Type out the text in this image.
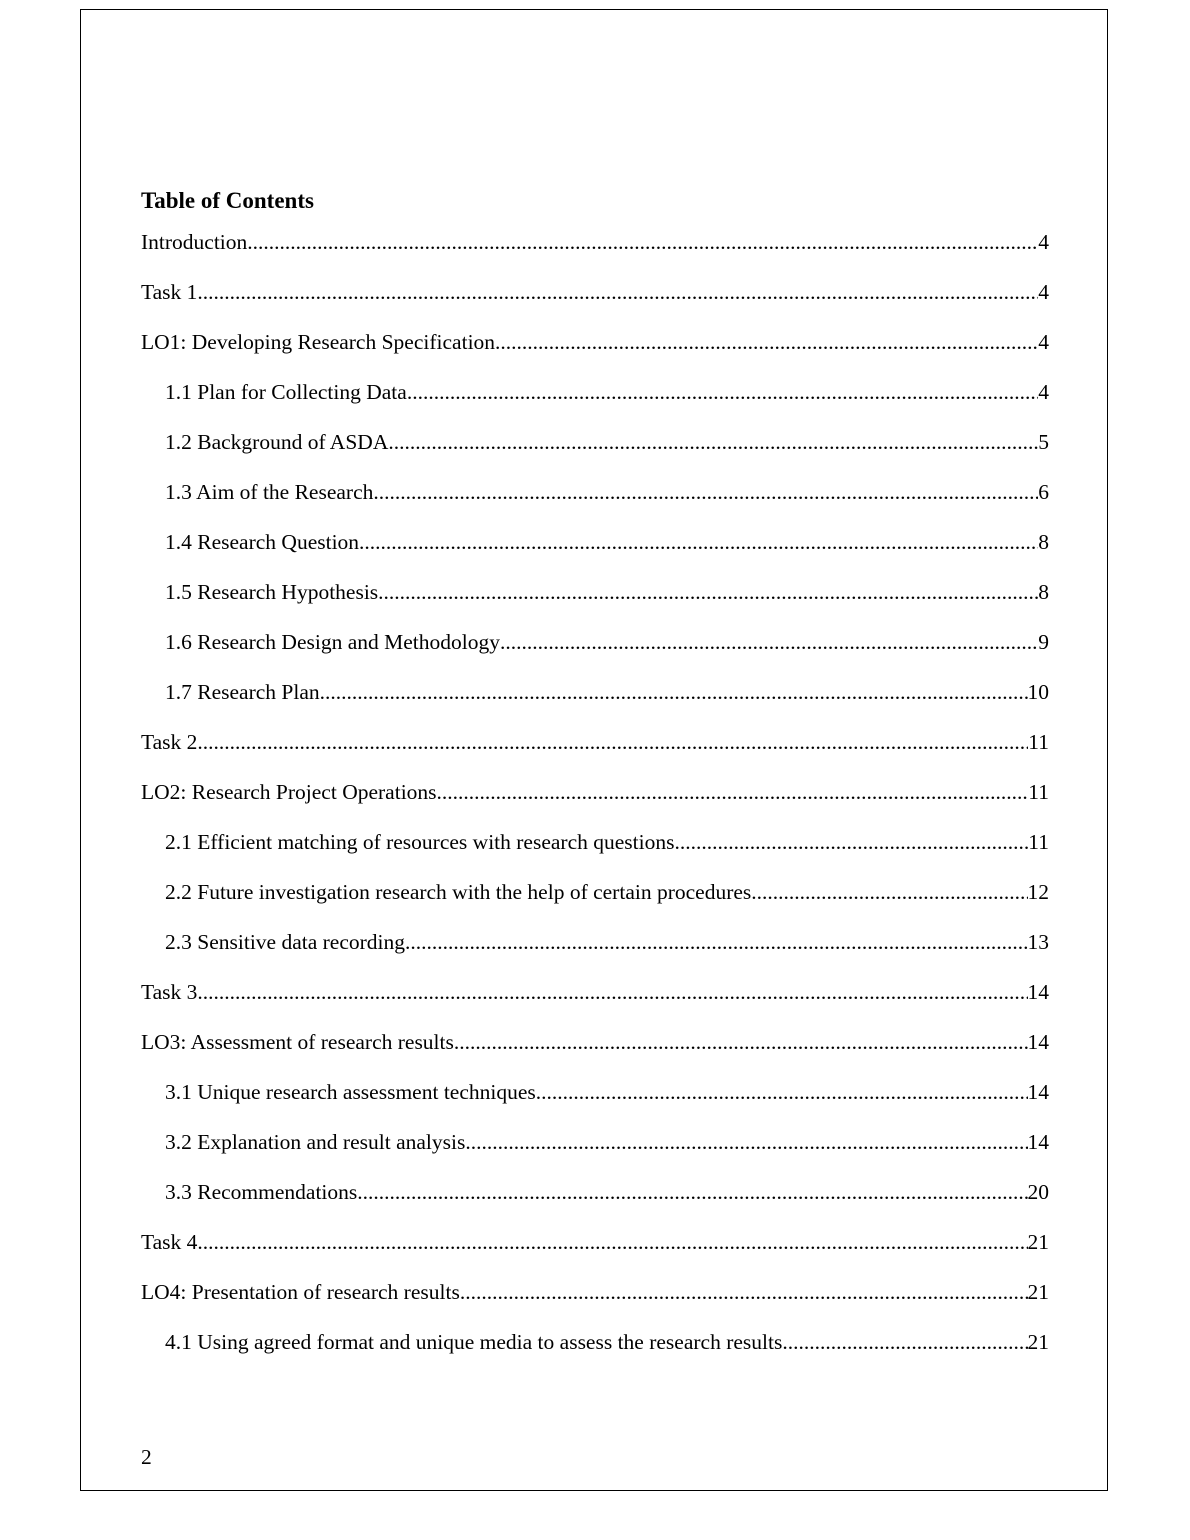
Table of Contents
Introduction .....	4
Task 1 .....	4
LO1: Developing Research Specification .....	4
1.1 Plan for Collecting Data .....	4
1.2 Background of ASDA .....	5
1.3 Aim of the Research .....	6
1.4 Research Question .....	8
1.5 Research Hypothesis .....	8
1.6 Research Design and Methodology .....	9
1.7 Research Plan .....	10
Task 2 .....	11
LO2: Research Project Operations .....	11
2.1 Efficient matching of resources with research questions .....	11
2.2 Future investigation research with the help of certain procedures .....	12
2.3 Sensitive data recording .....	13
Task 3 .....	14
LO3: Assessment of research results .....	14
3.1 Unique research assessment techniques .....	14
3.2 Explanation and result analysis .....	14
3.3 Recommendations .....	20
Task 4 .....	21
LO4: Presentation of research results .....	21
4.1 Using agreed format and unique media to assess the research results .....	21
2
